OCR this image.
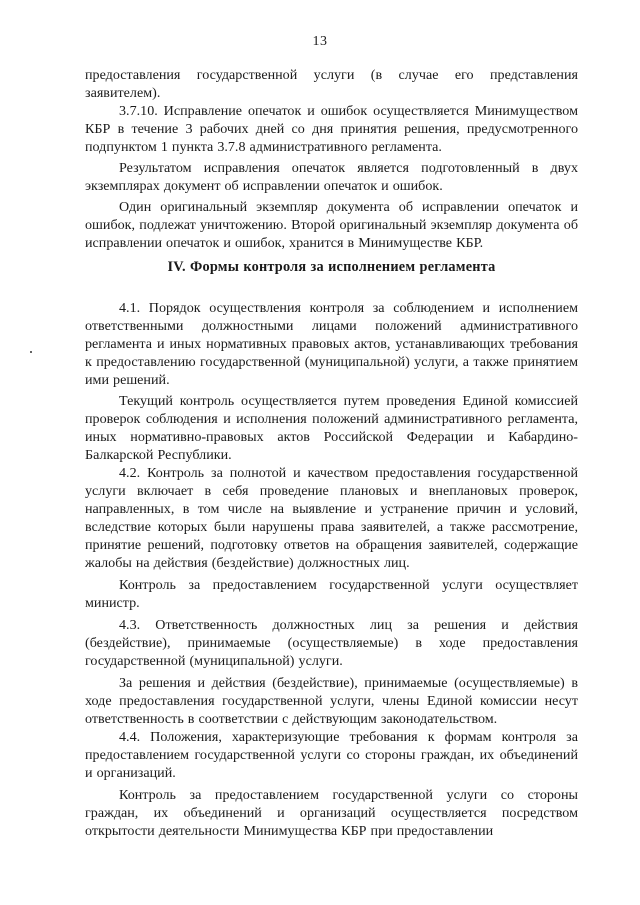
13

предоставления государственной услуги (в случае его представления заявителем).

3.7.10. Исправление опечаток и ошибок осуществляется Минимуществом КБР в течение 3 рабочих дней со дня принятия решения, предусмотренного подпунктом 1 пункта 3.7.8 административного регламента.

Результатом исправления опечаток является подготовленный в двух экземплярах документ об исправлении опечаток и ошибок.

Один оригинальный экземпляр документа об исправлении опечаток и ошибок, подлежат уничтожению. Второй оригинальный экземпляр документа об исправлении опечаток и ошибок, хранится в Минимуществе КБР.

IV. Формы контроля за исполнением регламента

4.1. Порядок осуществления контроля за соблюдением и исполнением ответственными должностными лицами положений административного регламента и иных нормативных правовых актов, устанавливающих требования к предоставлению государственной (муниципальной) услуги, а также принятием ими решений.

Текущий контроль осуществляется путем проведения Единой комиссией проверок соблюдения и исполнения положений административного регламента, иных нормативно-правовых актов Российской Федерации и Кабардино-Балкарской Республики.

4.2. Контроль за полнотой и качеством предоставления государственной услуги включает в себя проведение плановых и внеплановых проверок, направленных, в том числе на выявление и устранение причин и условий, вследствие которых были нарушены права заявителей, а также рассмотрение, принятие решений, подготовку ответов на обращения заявителей, содержащие жалобы на действия (бездействие) должностных лиц.

Контроль за предоставлением государственной услуги осуществляет министр.

4.3. Ответственность должностных лиц за решения и действия (бездействие), принимаемые (осуществляемые) в ходе предоставления государственной (муниципальной) услуги.

За решения и действия (бездействие), принимаемые (осуществляемые) в ходе предоставления государственной услуги, члены Единой комиссии несут ответственность в соответствии с действующим законодательством.

4.4. Положения, характеризующие требования к формам контроля за предоставлением государственной услуги со стороны граждан, их объединений и организаций.

Контроль за предоставлением государственной услуги со стороны граждан, их объединений и организаций осуществляется посредством открытости деятельности Минимущества КБР при предоставлении
